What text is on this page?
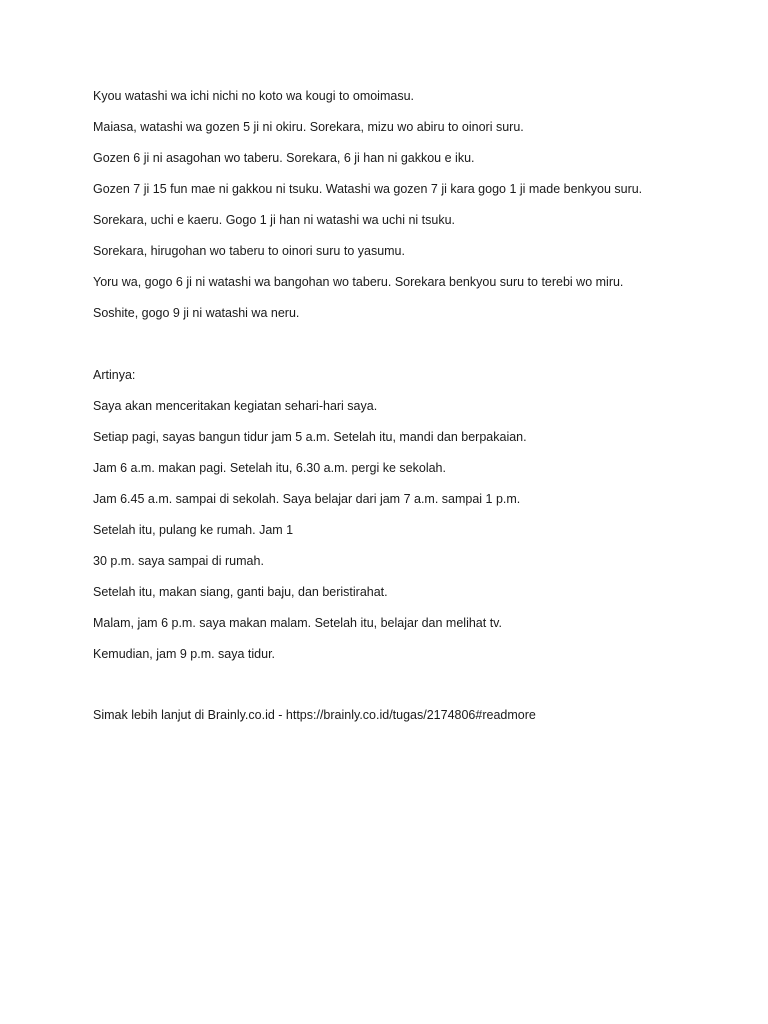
Kyou watashi wa ichi nichi no koto wa kougi to omoimasu.

Maiasa, watashi wa gozen 5 ji ni okiru. Sorekara, mizu wo abiru to oinori suru.

Gozen 6 ji ni asagohan wo taberu. Sorekara, 6 ji han ni gakkou e iku.

Gozen 7 ji 15 fun mae ni gakkou ni tsuku. Watashi wa gozen 7 ji kara gogo 1 ji made benkyou suru.

Sorekara, uchi e kaeru. Gogo 1 ji han ni watashi wa uchi ni tsuku.

Sorekara, hirugohan wo taberu to oinori suru to yasumu.

Yoru wa, gogo 6 ji ni watashi wa bangohan wo taberu. Sorekara benkyou suru to terebi wo miru.

Soshite, gogo 9 ji ni watashi wa neru.

Artinya:

Saya akan menceritakan kegiatan sehari-hari saya.

Setiap pagi, sayas bangun tidur jam 5 a.m. Setelah itu, mandi dan berpakaian.

Jam 6 a.m. makan pagi. Setelah itu, 6.30 a.m. pergi ke sekolah.

Jam 6.45 a.m. sampai di sekolah. Saya belajar dari jam 7 a.m. sampai 1 p.m.

Setelah itu, pulang ke rumah. Jam 1

30 p.m. saya sampai di rumah.

Setelah itu, makan siang, ganti baju, dan beristirahat.

Malam, jam 6 p.m. saya makan malam. Setelah itu, belajar dan melihat tv.

Kemudian, jam 9 p.m. saya tidur.

Simak lebih lanjut di Brainly.co.id - https://brainly.co.id/tugas/2174806#readmore
